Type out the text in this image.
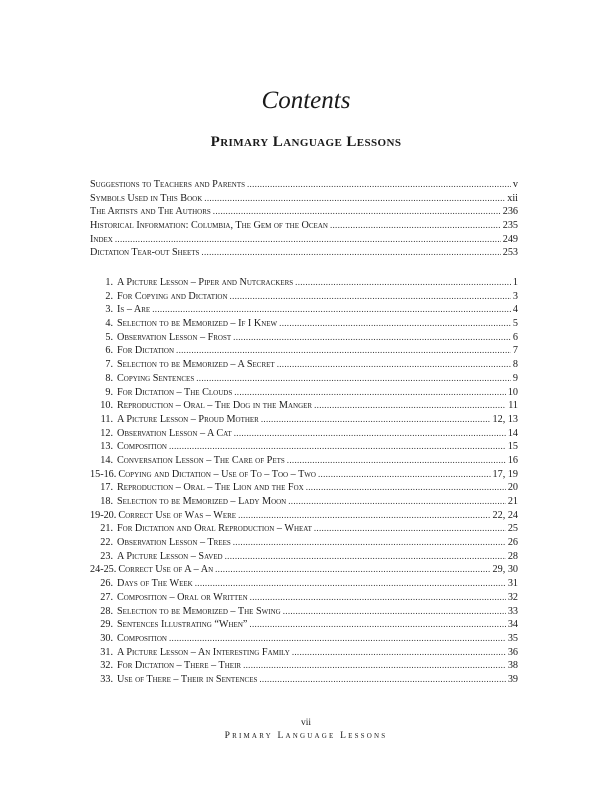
Contents
Primary Language Lessons
Suggestions to Teachers and Parents .....	v
Symbols Used in This Book .....	xii
The Artists and The Authors .....	236
Historical Information: Columbia, The Gem of the Ocean .....	235
Index .....	249
Dictation Tear-out Sheets .....	253
1. A Picture Lesson – Piper and Nutcrackers .....	1
2. For Copying and Dictation .....	3
3. Is – Are .....	4
4. Selection to be Memorized – If I Knew .....	5
5. Observation Lesson – Frost .....	6
6. For Dictation .....	7
7. Selection to be Memorized – A Secret .....	8
8. Copying Sentences .....	9
9. For Dictation – The Clouds .....	10
10. Reproduction – Oral – The Dog in the Manger .....	11
11. A Picture Lesson – Proud Mother .....	12, 13
12. Observation Lesson – A Cat .....	14
13. Composition .....	15
14. Conversation Lesson – The Care of Pets .....	16
15-16. Copying and Dictation – Use of To – Too – Two .....	17, 19
17. Reproduction – Oral – The Lion and the Fox .....	20
18. Selection to be Memorized – Lady Moon .....	21
19-20. Correct Use of Was – Were .....	22, 24
21. For Dictation and Oral Reproduction – Wheat .....	25
22. Observation Lesson – Trees .....	26
23. A Picture Lesson – Saved .....	28
24-25. Correct Use of A – An .....	29, 30
26. Days of The Week .....	31
27. Composition – Oral or Written .....	32
28. Selection to be Memorized – The Swing .....	33
29. Sentences Illustrating “When” .....	34
30. Composition .....	35
31. A Picture Lesson – An Interesting Family .....	36
32. For Dictation – There – Their .....	38
33. Use of There – Their in Sentences .....	39
vii
Primary Language Lessons
